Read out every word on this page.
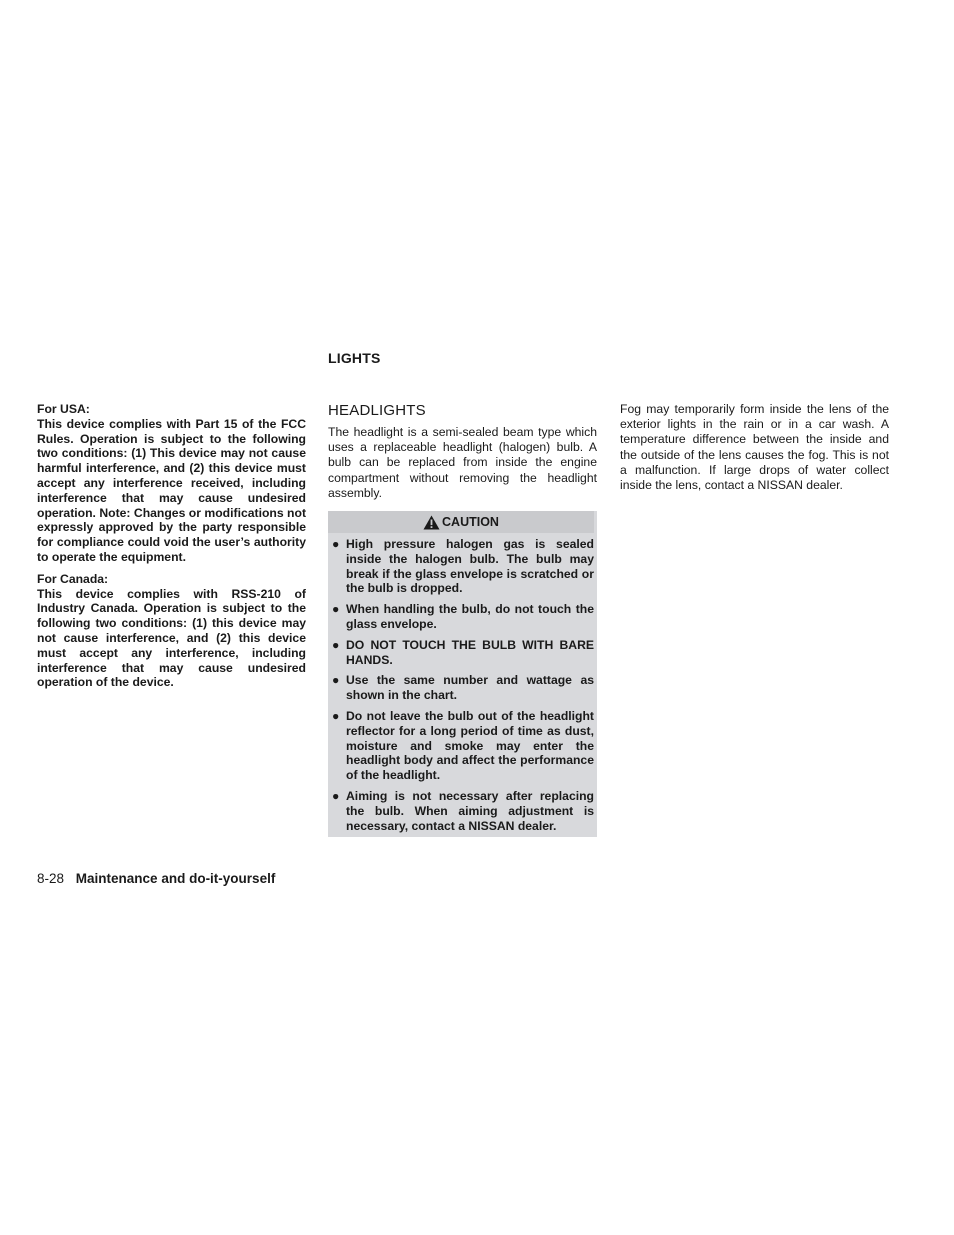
For USA:

This device complies with Part 15 of the FCC Rules. Operation is subject to the following two conditions: (1) This device may not cause harmful interference, and (2) this device must accept any interference received, including interference that may cause undesired operation. Note: Changes or modifications not expressly approved by the party responsible for compliance could void the user’s authority to operate the equipment.

For Canada:

This device complies with RSS-210 of Industry Canada. Operation is subject to the following two conditions: (1) this device may not cause interference, and (2) this device must accept any interference, including interference that may cause undesired operation of the device.

LIGHTS
HEADLIGHTS

The headlight is a semi-sealed beam type which uses a replaceable headlight (halogen) bulb. A bulb can be replaced from inside the engine compartment without removing the headlight assembly.

CAUTION
● High pressure halogen gas is sealed inside the halogen bulb. The bulb may break if the glass envelope is scratched or the bulb is dropped.
● When handling the bulb, do not touch the glass envelope.
● DO NOT TOUCH THE BULB WITH BARE HANDS.
● Use the same number and wattage as shown in the chart.
● Do not leave the bulb out of the headlight reflector for a long period of time as dust, moisture and smoke may enter the headlight body and affect the performance of the headlight.
● Aiming is not necessary after replacing the bulb. When aiming adjustment is necessary, contact a NISSAN dealer.

Fog may temporarily form inside the lens of the exterior lights in the rain or in a car wash. A temperature difference between the inside and the outside of the lens causes the fog. This is not a malfunction. If large drops of water collect inside the lens, contact a NISSAN dealer.

8-28 Maintenance and do-it-yourself
